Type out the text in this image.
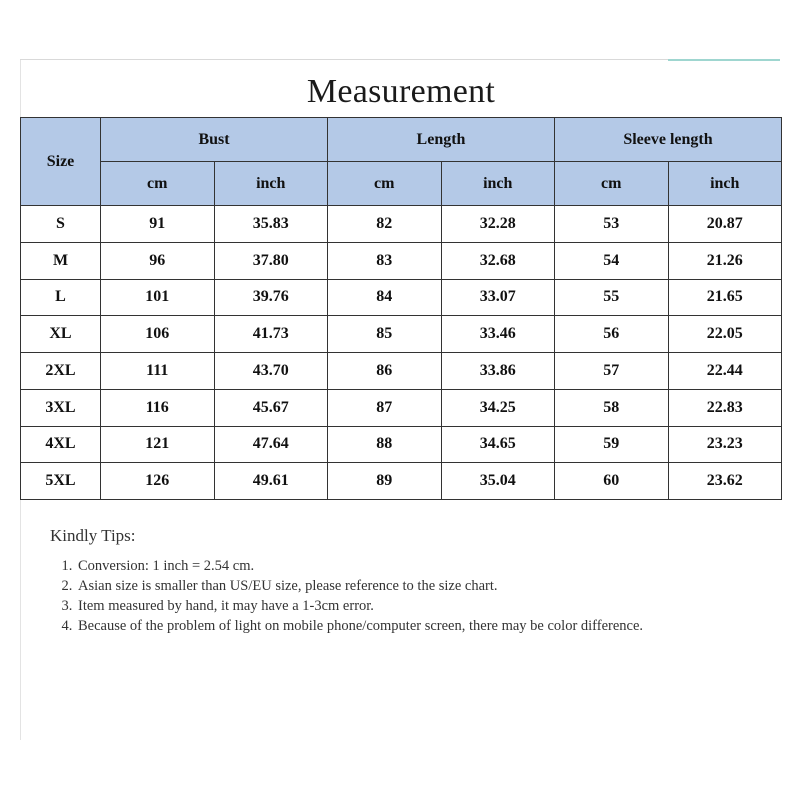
Measurement
Size	Bust		Length		Sleeve length	
	cm	inch	cm	inch	cm	inch
S	91	35.83	82	32.28	53	20.87
M	96	37.80	83	32.68	54	21.26
L	101	39.76	84	33.07	55	21.65
XL	106	41.73	85	33.46	56	22.05
2XL	111	43.70	86	33.86	57	22.44
3XL	116	45.67	87	34.25	58	22.83
4XL	121	47.64	88	34.65	59	23.23
5XL	126	49.61	89	35.04	60	23.62
Kindly Tips:
1. Conversion: 1 inch = 2.54 cm.
2. Asian size is smaller than US/EU size, please reference to the size chart.
3. Item measured by hand, it may have a 1-3cm error.
4. Because of the problem of light on mobile phone/computer screen, there may be color difference.
